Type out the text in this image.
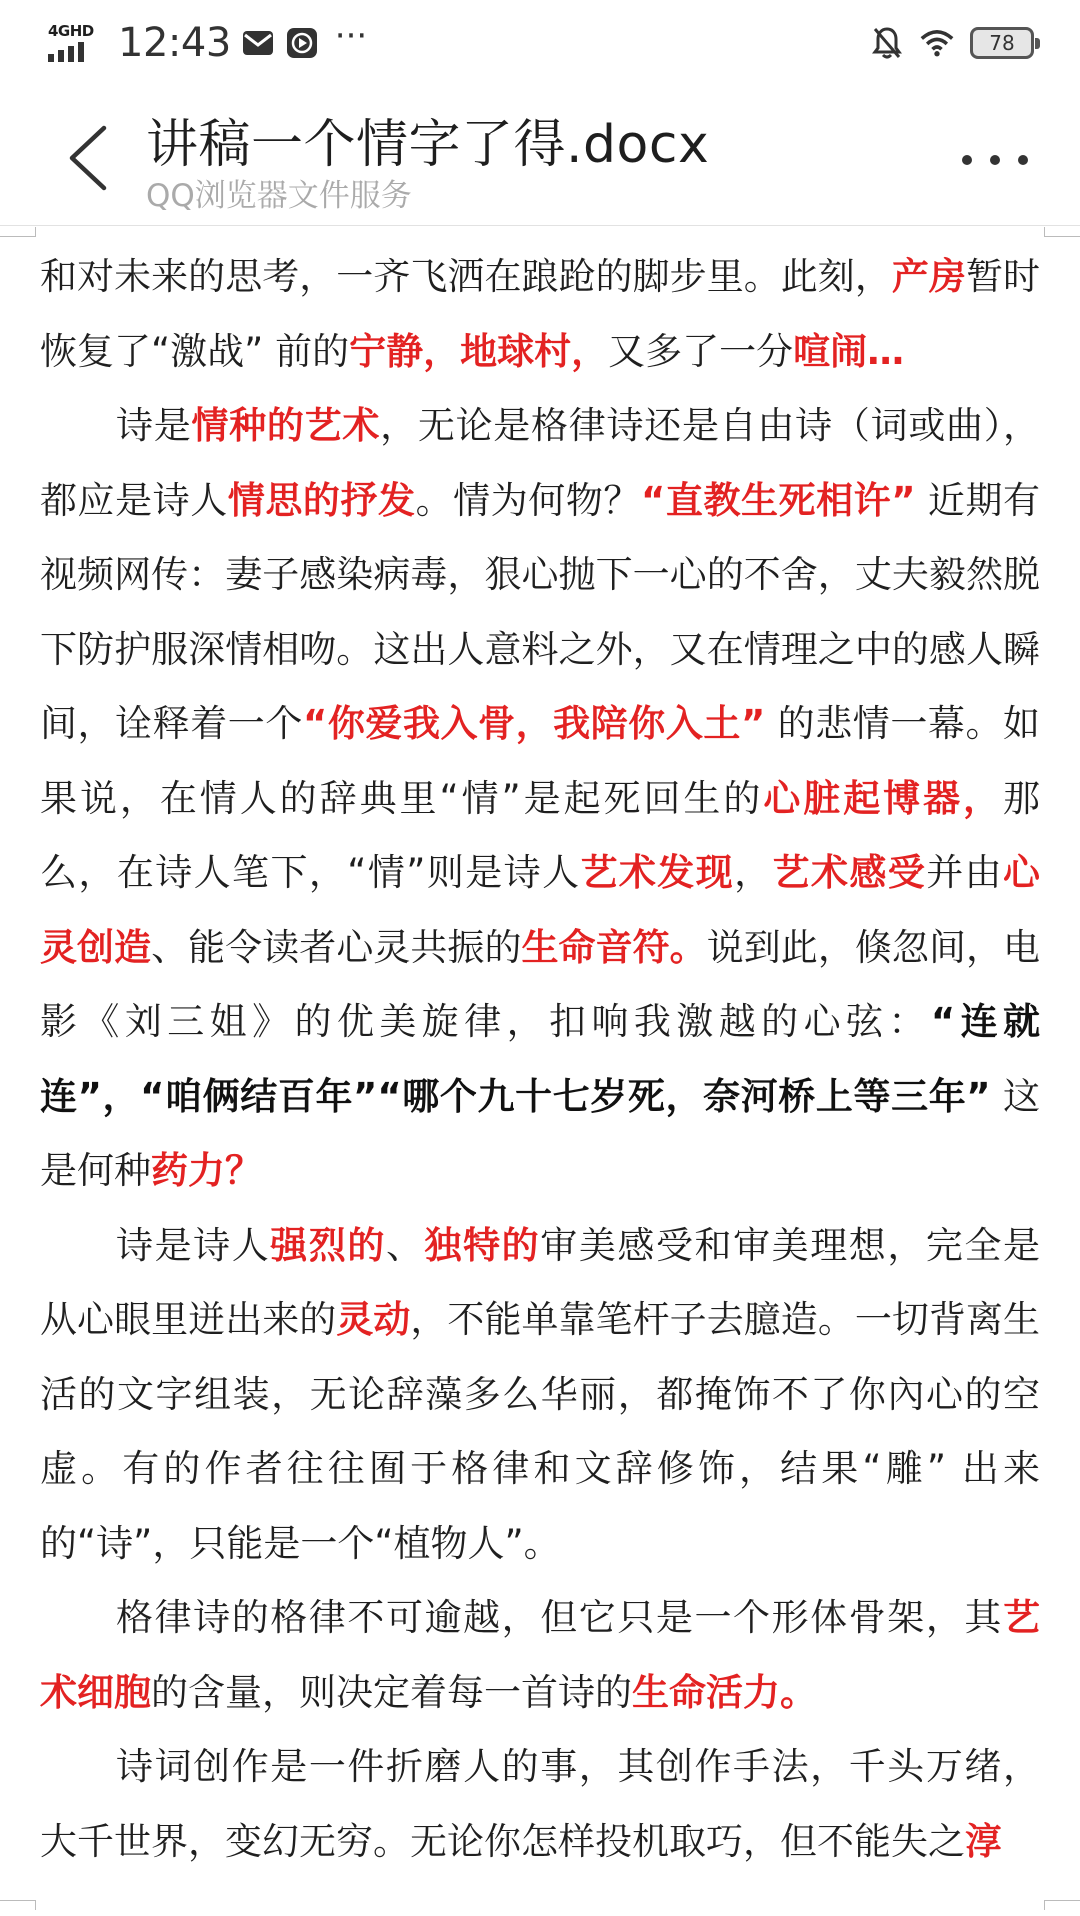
4GHD 12:43	···	78
讲稿一个情字了得.docx
QQ浏览器文件服务

和对未来的思考，一齐飞洒在踉跄的脚步里。此刻，产房暂时恢复了“激战” 前的宁静，地球村，又多了一分喧闹…

诗是情种的艺术，无论是格律诗还是自由诗（词或曲），都应是诗人情思的抒发。情为何物？“直教生死相许” 近期有视频网传：妻子感染病毒，狠心抛下一心的不舍，丈夫毅然脱下防护服深情相吻。这出人意料之外，又在情理之中的感人瞬间，诠释着一个“你爱我入骨，我陪你入土” 的悲情一幕。如果说，在情人的辞典里“情”是起死回生的心脏起博器，那么，在诗人笔下，“情”则是诗人艺术发现，艺术感受并由心灵创造、能令读者心灵共振的生命音符。说到此，倏忽间，电影《刘三姐》的优美旋律，扣响我激越的心弦：“连就连”，“咱俩结百年”“哪个九十七岁死，奈河桥上等三年” 这是何种药力？

诗是诗人强烈的、独特的审美感受和审美理想，完全是从心眼里迸出来的灵动，不能单靠笔杆子去臆造。一切背离生活的文字组装，无论辞藻多么华丽，都掩饰不了你內心的空虚。有的作者往往囿于格律和文辞修饰，结果“雕” 出来的“诗”，只能是一个“植物人”。

格律诗的格律不可逾越，但它只是一个形体骨架，其艺术细胞的含量，则决定着每一首诗的生命活力。

诗词创作是一件折磨人的事，其创作手法，千头万绪，大千世界，变幻无穷。无论你怎样投机取巧，但不能失之淳
